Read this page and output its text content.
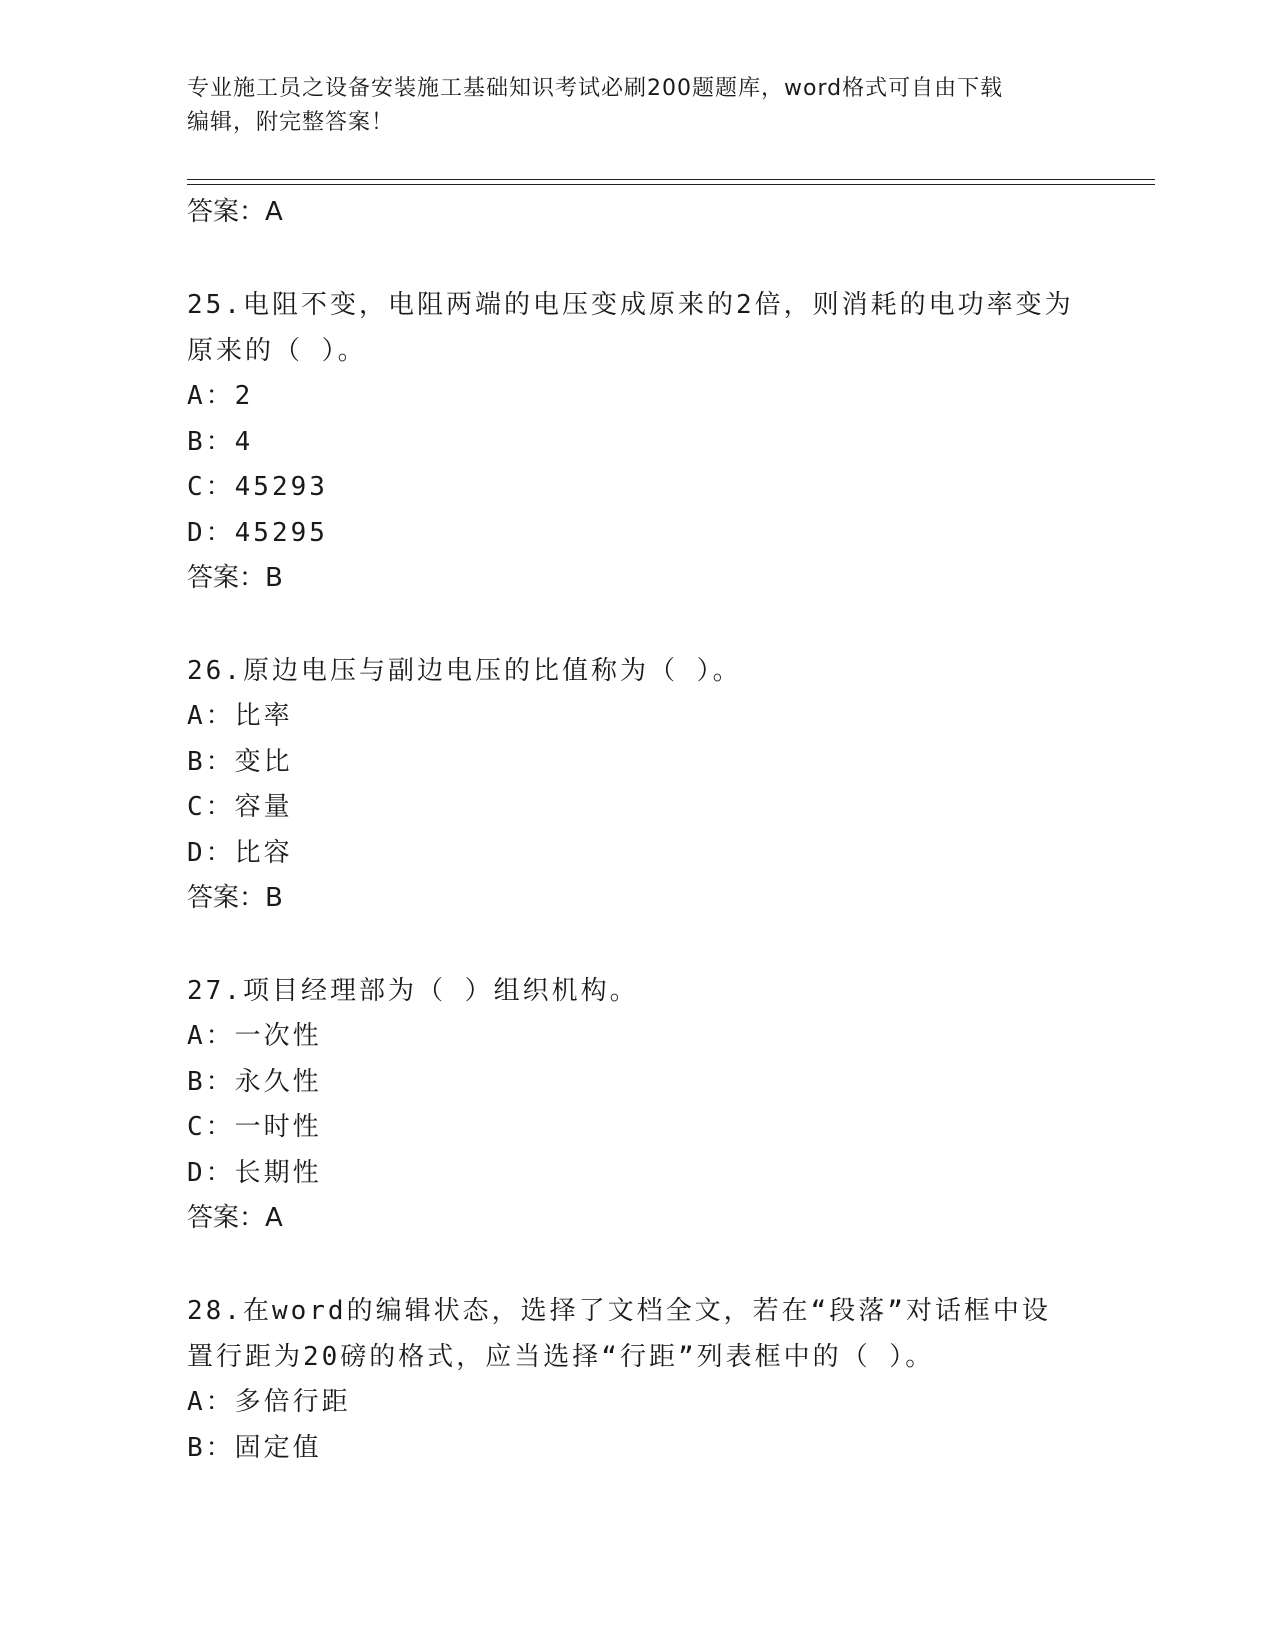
专业施工员之设备安装施工基础知识考试必刷200题题库，word格式可自由下载
编辑，附完整答案！
答案：A
25.电阻不变，电阻两端的电压变成原来的2倍，则消耗的电功率变为
原来的（ ）。
A：2
B：4
C：45293
D：45295
答案：B
26.原边电压与副边电压的比值称为（ ）。
A：比率
B：变比
C：容量
D：比容
答案：B
27.项目经理部为（ ）组织机构。
A：一次性
B：永久性
C：一时性
D：长期性
答案：A
28.在word的编辑状态，选择了文档全文，若在“段落”对话框中设
置行距为20磅的格式，应当选择“行距”列表框中的（ ）。
A：多倍行距
B：固定值
